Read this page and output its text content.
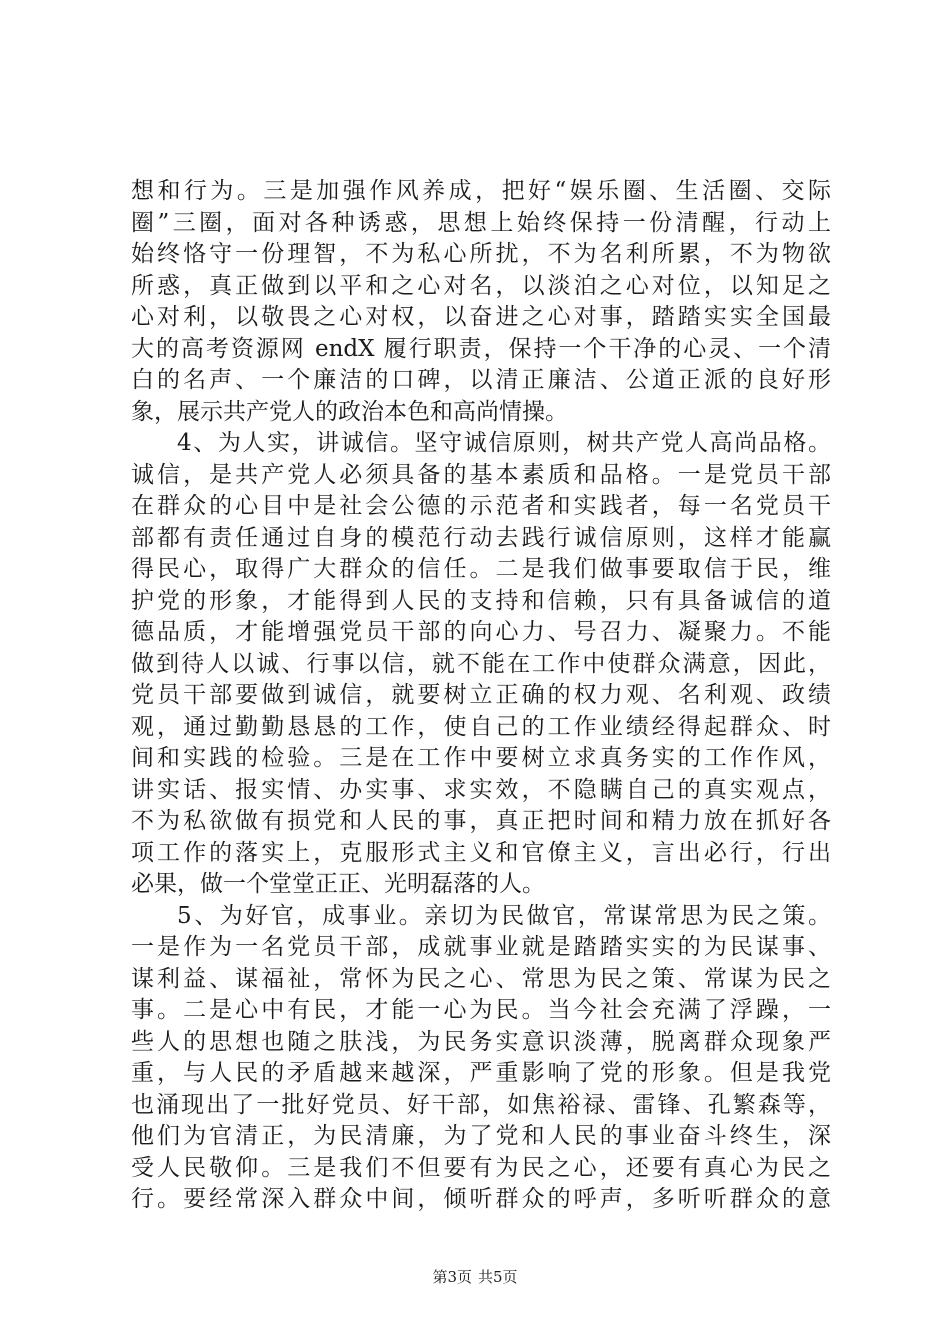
想和行为。三是加强作风养成，把好“娱乐圈、生活圈、交际
圈”三圈，面对各种诱惑，思想上始终保持一份清醒，行动上
始终恪守一份理智，不为私心所扰，不为名利所累，不为物欲
所惑，真正做到以平和之心对名，以淡泊之心对位，以知足之
心对利，以敬畏之心对权，以奋进之心对事，踏踏实实全国最
大的高考资源网 endX 履行职责，保持一个干净的心灵、一个清
白的名声、一个廉洁的口碑，以清正廉洁、公道正派的良好形
象，展示共产党人的政治本色和高尚情操。
4、为人实，讲诚信。坚守诚信原则，树共产党人高尚品格。
诚信，是共产党人必须具备的基本素质和品格。一是党员干部
在群众的心目中是社会公德的示范者和实践者，每一名党员干
部都有责任通过自身的模范行动去践行诚信原则，这样才能赢
得民心，取得广大群众的信任。二是我们做事要取信于民，维
护党的形象，才能得到人民的支持和信赖，只有具备诚信的道
德品质，才能增强党员干部的向心力、号召力、凝聚力。不能
做到待人以诚、行事以信，就不能在工作中使群众满意，因此，
党员干部要做到诚信，就要树立正确的权力观、名利观、政绩
观，通过勤勤恳恳的工作，使自己的工作业绩经得起群众、时
间和实践的检验。三是在工作中要树立求真务实的工作作风，
讲实话、报实情、办实事、求实效，不隐瞒自己的真实观点，
不为私欲做有损党和人民的事，真正把时间和精力放在抓好各
项工作的落实上，克服形式主义和官僚主义，言出必行，行出
必果，做一个堂堂正正、光明磊落的人。
5、为好官，成事业。亲切为民做官，常谋常思为民之策。
一是作为一名党员干部，成就事业就是踏踏实实的为民谋事、
谋利益、谋福祉，常怀为民之心、常思为民之策、常谋为民之
事。二是心中有民，才能一心为民。当今社会充满了浮躁，一
些人的思想也随之肤浅，为民务实意识淡薄，脱离群众现象严
重，与人民的矛盾越来越深，严重影响了党的形象。但是我党
也涌现出了一批好党员、好干部，如焦裕禄、雷锋、孔繁森等，
他们为官清正，为民清廉，为了党和人民的事业奋斗终生，深
受人民敬仰。三是我们不但要有为民之心，还要有真心为民之
行。要经常深入群众中间，倾听群众的呼声，多听听群众的意
第3页 共5页
